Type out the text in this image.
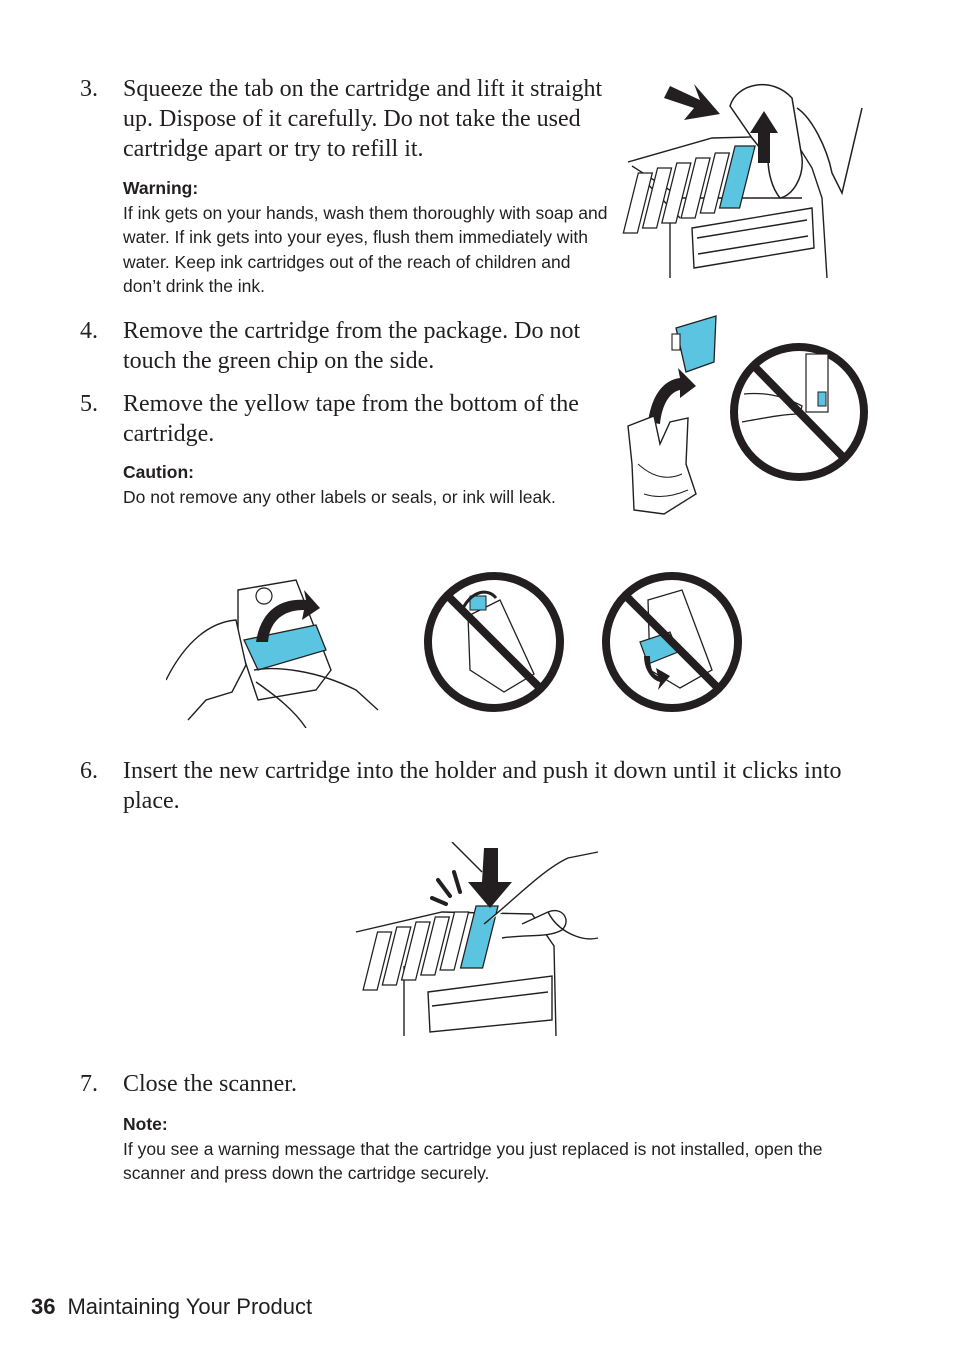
3.	Squeeze the tab on the cartridge and lift it straight up. Dispose of it carefully. Do not take the used cartridge apart or try to refill it.
Warning:
If ink gets on your hands, wash them thoroughly with soap and water. If ink gets into your eyes, flush them immediately with water. Keep ink cartridges out of the reach of children and don’t drink the ink.
4.	Remove the cartridge from the package. Do not touch the green chip on the side.
5.	Remove the yellow tape from the bottom of the cartridge.
Caution:
Do not remove any other labels or seals, or ink will leak.
6.	Insert the new cartridge into the holder and push it down until it clicks into place.
7.	Close the scanner.
Note:
If you see a warning message that the cartridge you just replaced is not installed, open the scanner and press down the cartridge securely.
36 Maintaining Your Product
